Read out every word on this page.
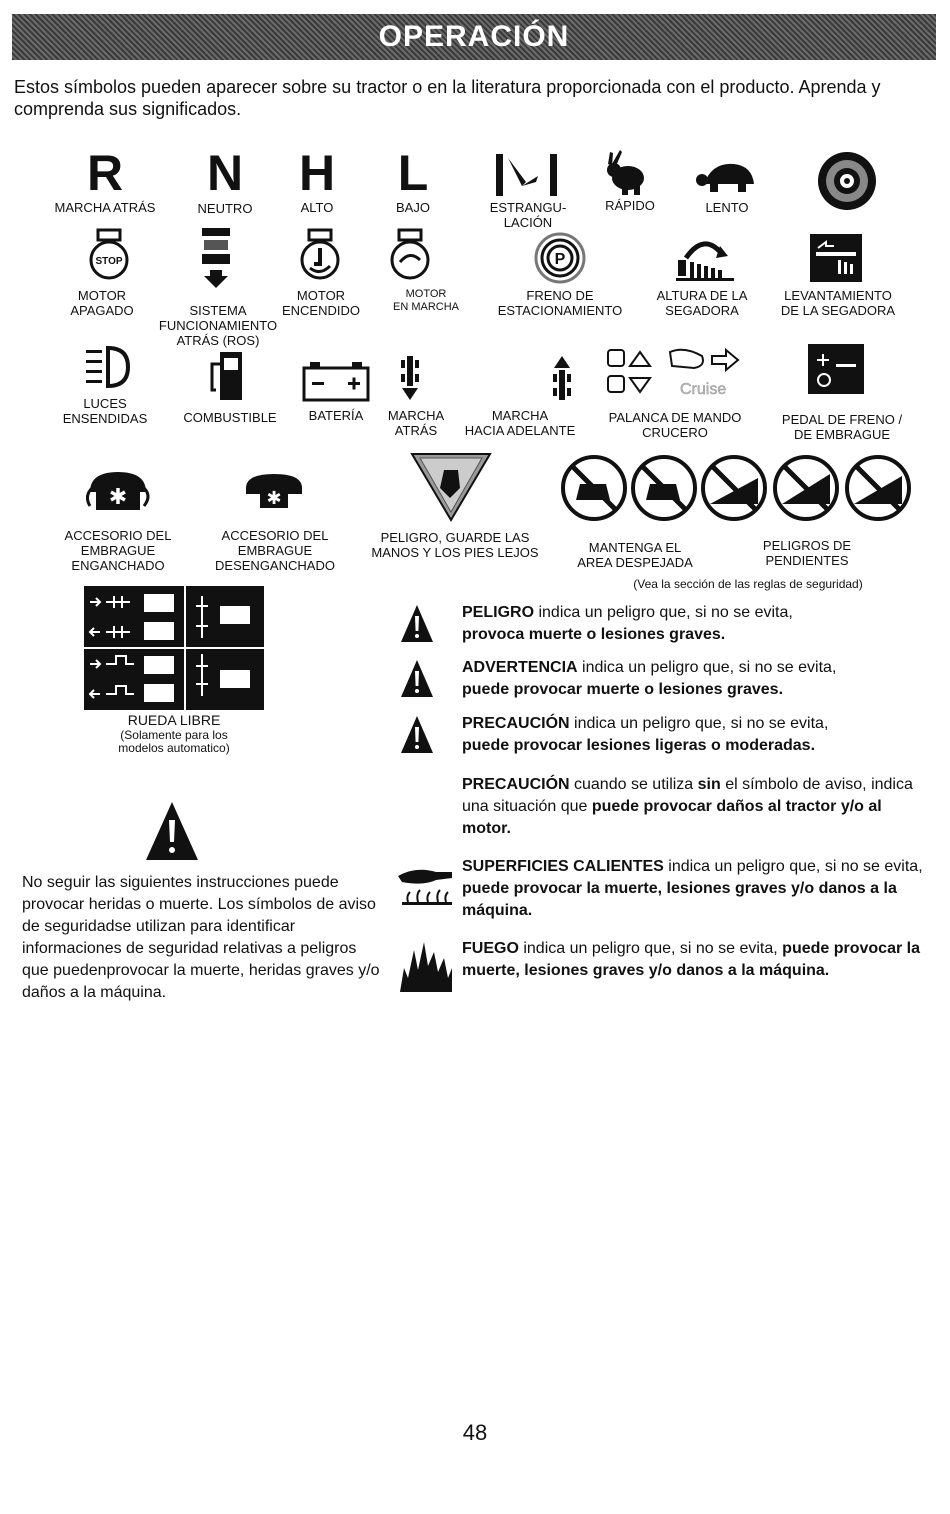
OPERACIÓN
Estos símbolos pueden aparecer sobre su tractor o en la literatura proporcionada con el producto. Aprenda y comprenda sus significados.
R	N	H	L
MARCHA ATRÁS	NEUTRO	ALTO	BAJO	ESTRANGU-
LACIÓN
RÁPIDO	LENTO
STOP	P
MOTOR
APAGADO	SISTEMA
FUNCIONAMIENTO
ATRÁS (ROS)
MOTOR
ENCENDIDO
MOTOR
EN MARCHA
FRENO DE
ESTACIONAMIENTO
ALTURA DE LA
SEGADORA
LEVANTAMIENTO
DE LA SEGADORA
Cruise
LUCES
ENSENDIDAS	COMBUSTIBLE	BATERÍA	MARCHA
ATRÁS
MARCHA
HACIA ADELANTE
PALANCA DE MANDO
CRUCERO
PEDAL DE FRENO /
DE EMBRAGUE
✱	✱
ACCESORIO DEL
EMBRAGUE
ENGANCHADO
ACCESORIO DEL
EMBRAGUE
DESENGANCHADO
PELIGRO, GUARDE LAS
MANOS Y LOS PIES LEJOS	MANTENGA EL
AREA DESPEJADA
PELIGROS DE
PENDIENTES
(Vea la sección de las reglas de seguridad)
RUEDA LIBRE
(Solamente para los
modelos automatico)
PELIGRO indica un peligro que, si no se evita,
provoca muerte o lesiones graves.
ADVERTENCIA indica un peligro que, si no se evita,
puede provocar muerte o lesiones graves.
PRECAUCIÓN indica un peligro que, si no se evita,
puede provocar lesiones ligeras o moderadas.
PRECAUCIÓN cuando se utiliza sin el símbolo de aviso, indica una situación que puede provocar daños al tractor y/o al motor.
SUPERFICIES CALIENTES indica un peligro que, si no se evita, puede provocar la muerte, lesiones graves y/o danos a la máquina.
FUEGO indica un peligro que, si no se evita, puede provocar la muerte, lesiones graves y/o danos a la máquina.
No seguir las siguientes instrucciones puede provocar heridas o muerte. Los símbolos de aviso de seguridadse utilizan para identificar informaciones de seguridad relativas a peligros que puedenprovocar la muerte, heridas graves y/o daños a la máquina.
48
